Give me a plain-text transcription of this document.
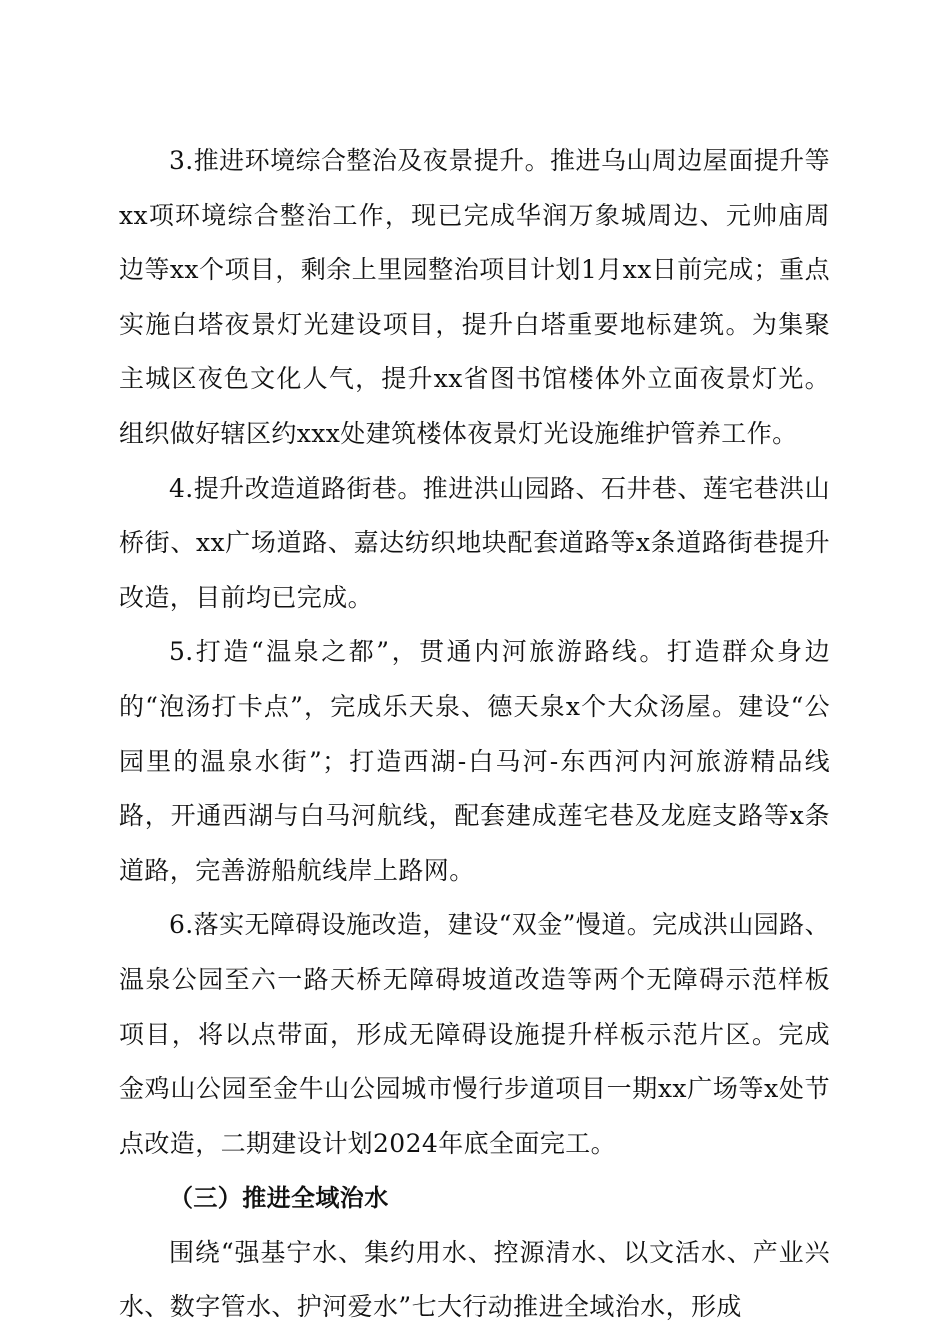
3.推进环境综合整治及夜景提升。推进乌山周边屋面提升等xx项环境综合整治工作，现已完成华润万象城周边、元帅庙周边等xx个项目，剩余上里园整治项目计划1月xx日前完成；重点实施白塔夜景灯光建设项目，提升白塔重要地标建筑。为集聚主城区夜色文化人气，提升xx省图书馆楼体外立面夜景灯光。组织做好辖区约xxx处建筑楼体夜景灯光设施维护管养工作。

4.提升改造道路街巷。推进洪山园路、石井巷、莲宅巷洪山桥街、xx广场道路、嘉达纺织地块配套道路等x条道路街巷提升改造，目前均已完成。

5.打造“温泉之都”，贯通内河旅游路线。打造群众身边的“泡汤打卡点”，完成乐天泉、德天泉x个大众汤屋。建设“公园里的温泉水街”；打造西湖-白马河-东西河内河旅游精品线路，开通西湖与白马河航线，配套建成莲宅巷及龙庭支路等x条道路，完善游船航线岸上路网。

6.落实无障碍设施改造，建设“双金”慢道。完成洪山园路、温泉公园至六一路天桥无障碍坡道改造等两个无障碍示范样板项目，将以点带面，形成无障碍设施提升样板示范片区。完成金鸡山公园至金牛山公园城市慢行步道项目一期xx广场等x处节点改造，二期建设计划2024年底全面完工。

（三）推进全域治水

围绕“强基宁水、集约用水、控源清水、以文活水、产业兴水、数字管水、护河爱水”七大行动推进全域治水，形成
